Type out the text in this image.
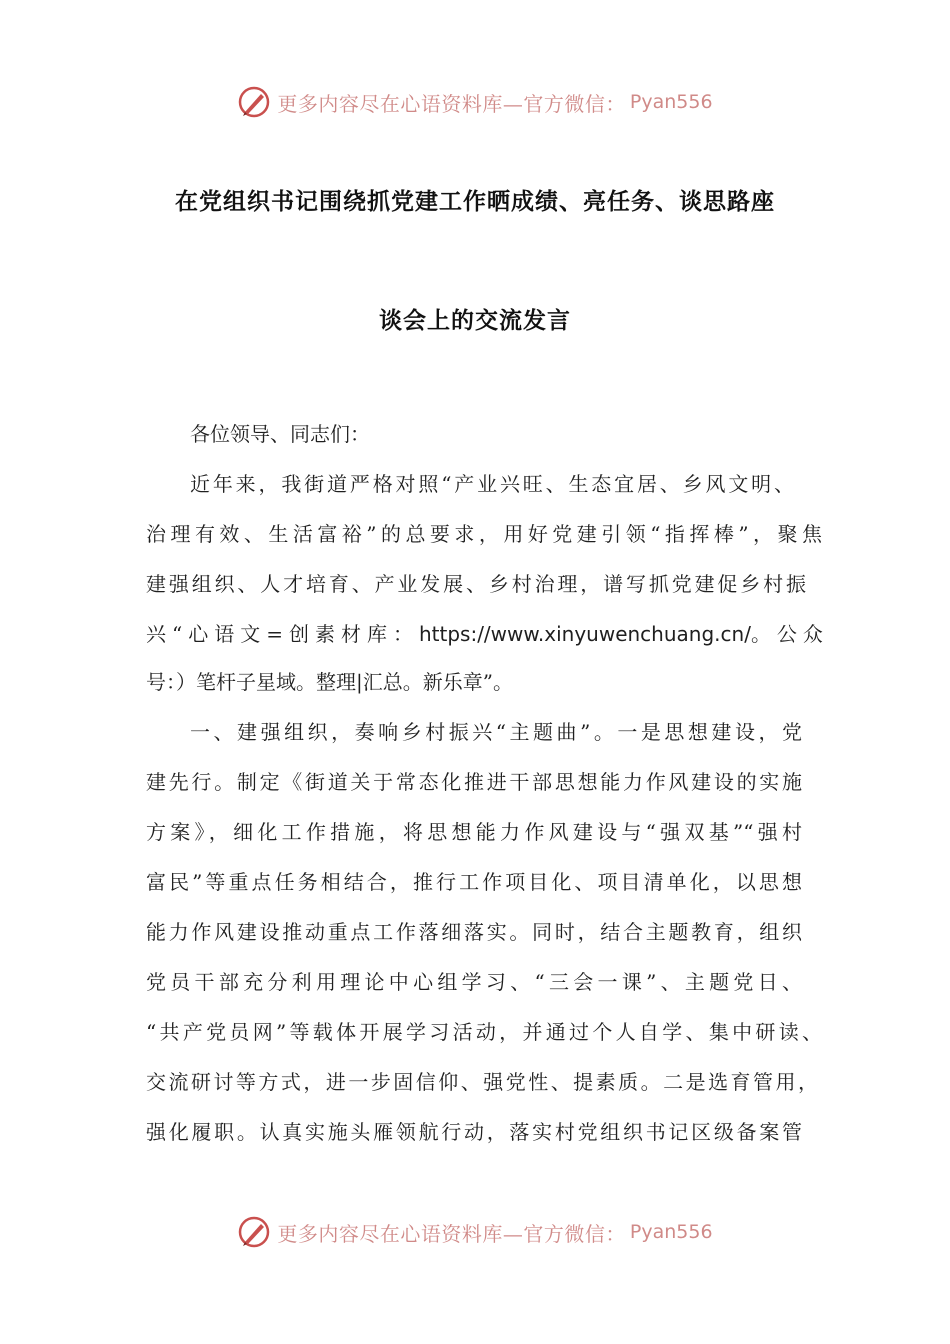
更多内容尽在心语资料库—官方微信： Pyan556
在党组织书记围绕抓党建工作晒成绩、亮任务、谈思路座
谈会上的交流发言
各位领导、同志们：
近年来，我街道严格对照“产业兴旺、生态宜居、乡风文明、
治理有效、生活富裕”的总要求，用好党建引领“指挥棒”，聚焦
建强组织、人才培育、产业发展、乡村治理，谱写抓党建促乡村振
兴“心语文=创素材库： https://www.xinyuwenchuang.cn/ 。公众
号：）笔杆子星域。整理|汇总。新乐章”。
一、建强组织，奏响乡村振兴“主题曲”。一是思想建设，党
建先行。制定《街道关于常态化推进干部思想能力作风建设的实施
方案》，细化工作措施，将思想能力作风建设与“强双基”“强村
富民”等重点任务相结合，推行工作项目化、项目清单化，以思想
能力作风建设推动重点工作落细落实。同时，结合主题教育，组织
党员干部充分利用理论中心组学习、“三会一课”、主题党日、
“共产党员网”等载体开展学习活动，并通过个人自学、集中研读、
交流研讨等方式，进一步固信仰、强党性、提素质。二是选育管用，
强化履职。认真实施头雁领航行动，落实村党组织书记区级备案管
更多内容尽在心语资料库—官方微信： Pyan556
